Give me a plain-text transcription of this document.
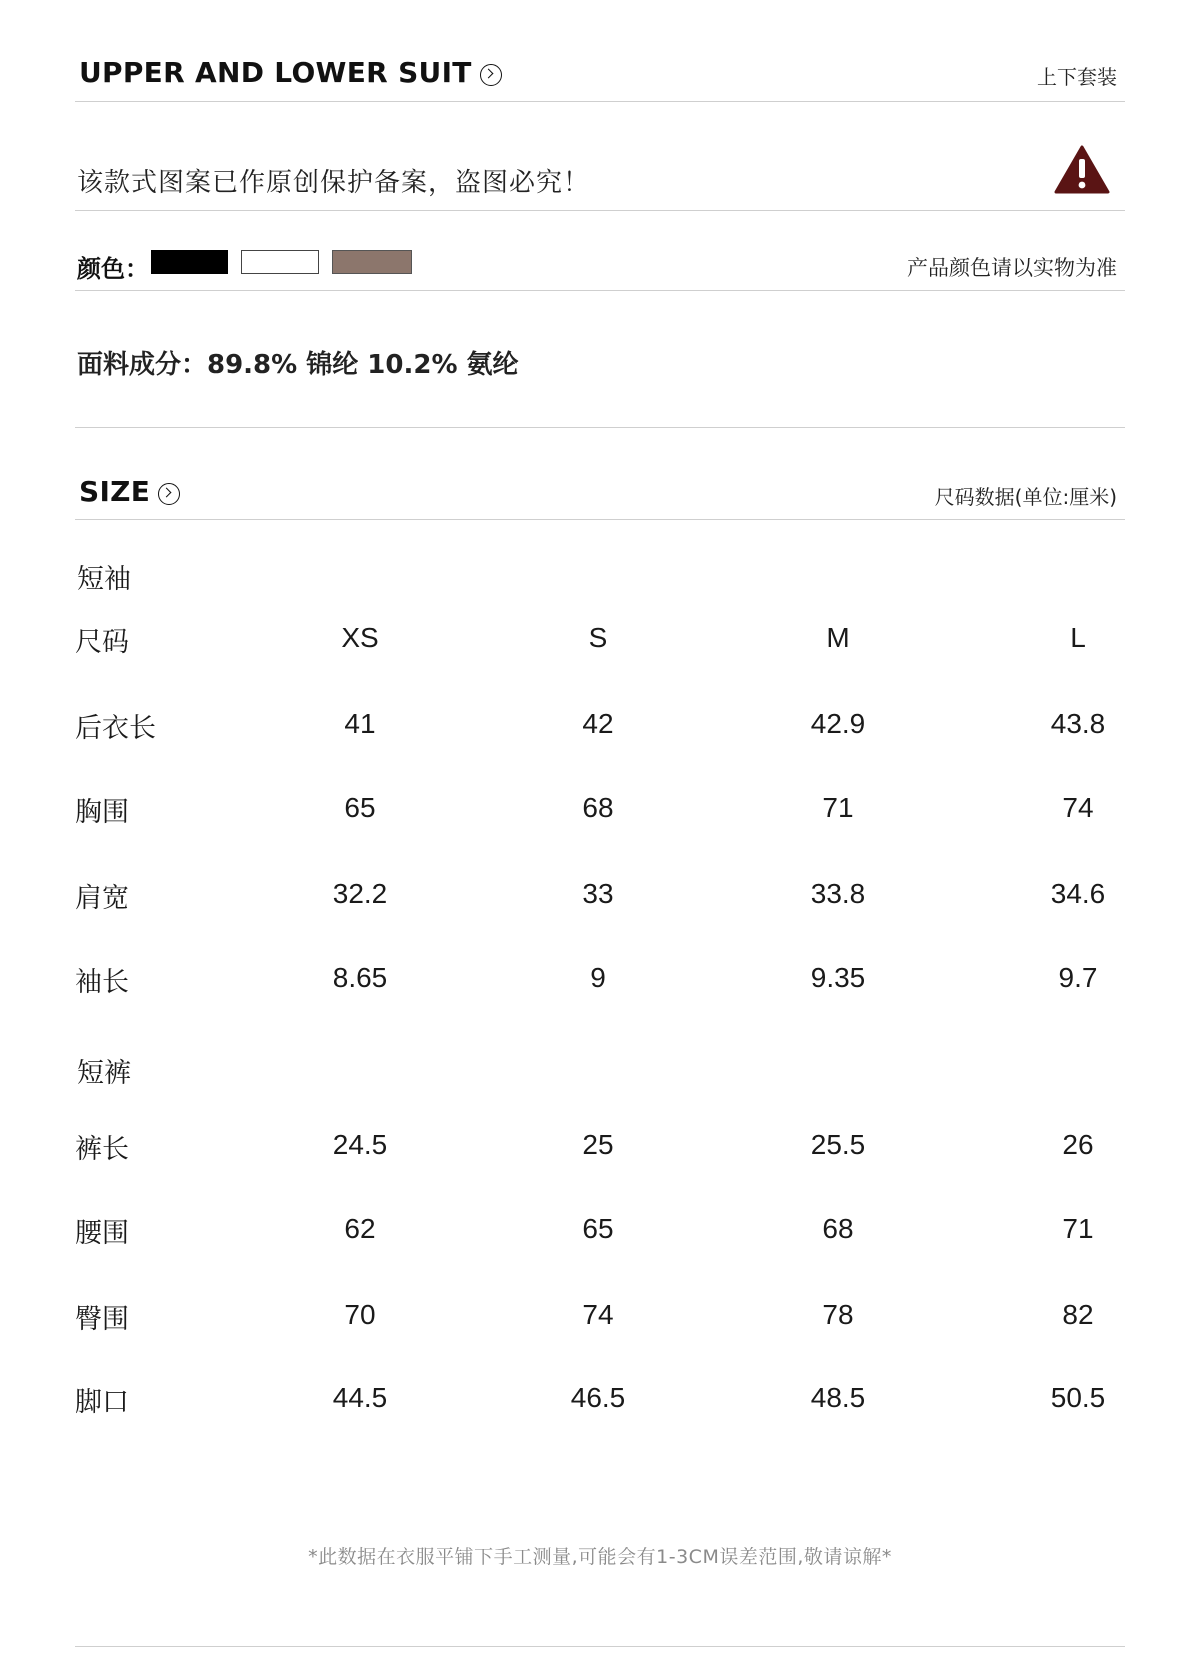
UPPER AND LOWER SUIT	上下套装
该款式图案已作原创保护备案，盗图必究！
颜色：	产品颜色请以实物为准
面料成分：89.8% 锦纶 10.2% 氨纶
SIZE	尺码数据(单位:厘米)
短袖
尺码	XS	S	M	L
后衣长	41	42	42.9	43.8
胸围	65	68	71	74
肩宽	32.2	33	33.8	34.6
袖长	8.65	9	9.35	9.7
短裤
裤长	24.5	25	25.5	26
腰围	62	65	68	71
臀围	70	74	78	82
脚口	44.5	46.5	48.5	50.5
*此数据在衣服平铺下手工测量,可能会有1-3CM误差范围,敬请谅解*
